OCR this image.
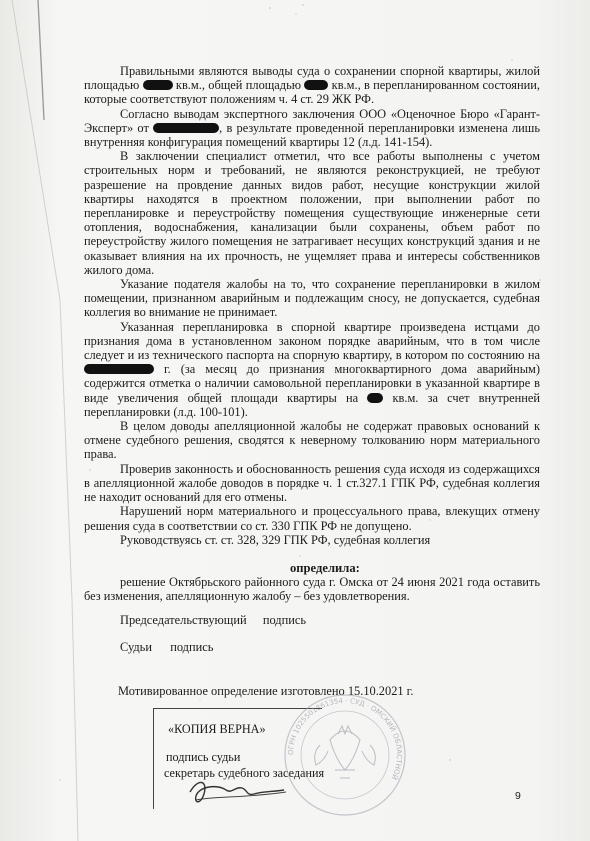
Правильными являются выводы суда о сохранении спорной квартиры, жилой площадью	кв.м., общей площадью кв.м., в перепланированном состоянии, которые соответствуют положениям ч. 4 ст. 29 ЖК РФ.

Согласно выводам экспертного заключения ООО «Оценочное Бюро «Гарант-Эксперт» от	, в результате проведенной перепланировки изменена лишь внутренняя конфигурация помещений квартиры 12 (л.д. 141-154).

В заключении специалист отметил, что все работы выполнены с учетом строительных норм и требований, не являются реконструкцией, не требуют разрешение на провдение данных видов работ, несущие конструкции жилой квартиры находятся в проектном положении, при выполнении работ по перепланировке и переустройству помещения существующие инженерные сети отопления, водоснабжения, канализации были сохранены, объем работ по переустройству жилого помещения не затрагивает несущих конструкций здания и не оказывает влияния на их прочность, не ущемляет права и интересы собственников жилого дома.

Указание подателя жалобы на то, что сохранение перепланировки в жилом помещении, признанном аварийным и подлежащим сносу, не допускается, судебная коллегия во внимание не принимает.

Указанная перепланировка в спорной квартире произведена истцами до признания дома в установленном законом порядке аварийным, что в том числе следует и из технического паспорта на спорную квартиру, в котором по состоянию на  г. (за месяц до признания многоквартирного дома аварийным) содержится отметка о наличии самовольной перепланировки в указанной квартире в виде увеличения общей площади квартиры на	кв.м. за счет внутренней перепланировки (л.д. 100-101).

В целом доводы апелляционной жалобы не содержат правовых оснований к отмене судебного решения, сводятся к неверному толкованию норм материального права.

Проверив законность и обоснованность решения суда исходя из содержащихся в апелляционной жалобе доводов в порядке ч. 1 ст.327.1 ГПК РФ, судебная коллегия не находит оснований для его отмены.

Нарушений норм материального и процессуального права, влекущих отмену решения суда в соответствии со ст. 330 ГПК РФ не допущено.

Руководствуясь ст. ст. 328, 329 ГПК РФ, судебная коллегия

определила:
решение Октябрьского районного суда г. Омска от 24 июня 2021 года оставить без изменения, апелляционную жалобу – без удовлетворения.
Председательствующий подпись
Судьи подпись
Мотивированное определение изготовлено 15.10.2021 г.
«КОПИЯ ВЕРНА»
подпись судьи
секретарь судебного заседания
ОГРН 1025501861354 · СУД · ОМСКИЙ ОБЛАСТНОЙ
9
